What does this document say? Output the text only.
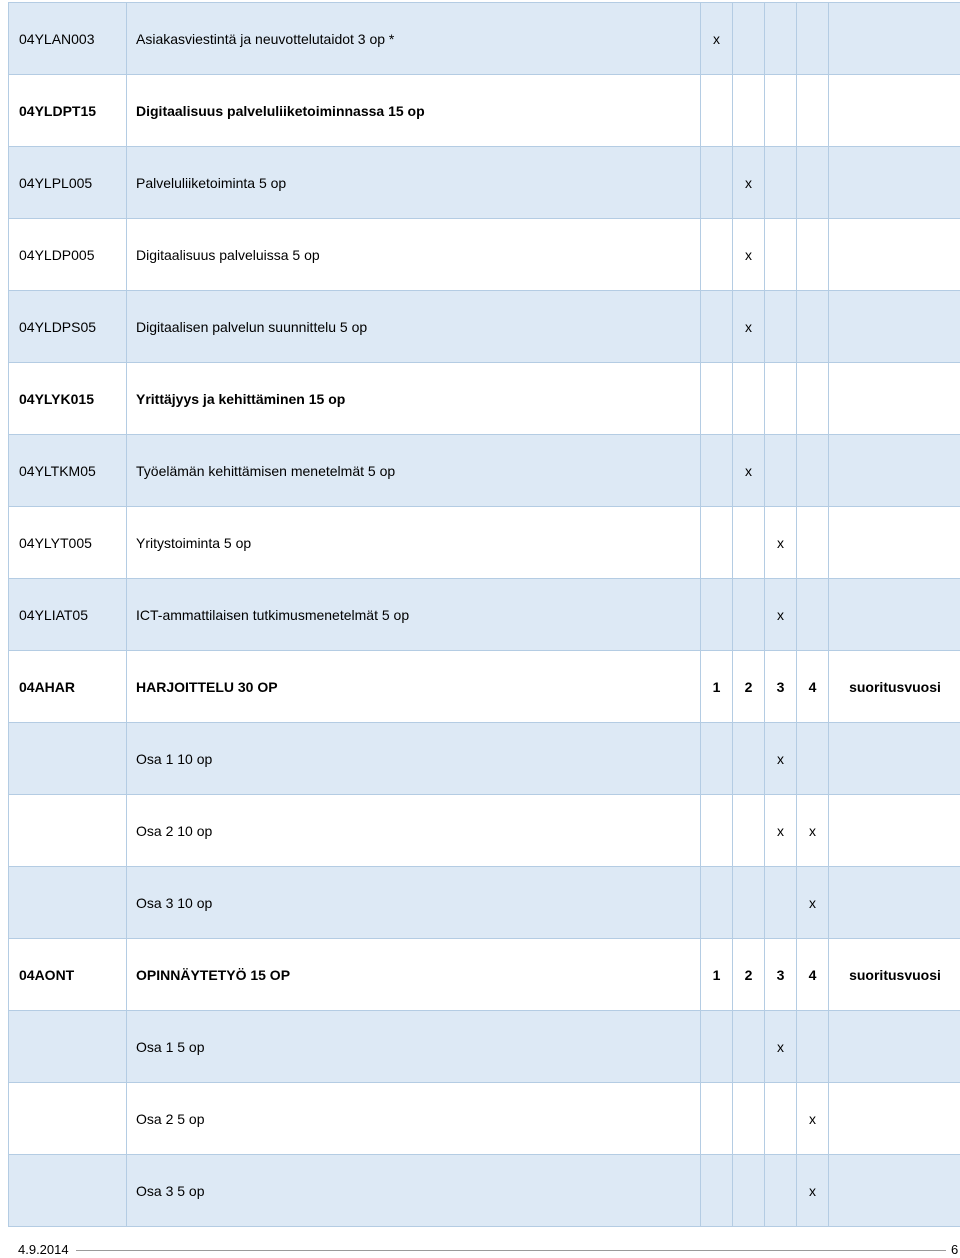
04YLAN003	Asiakasviestintä ja neuvottelutaidot 3 op *	x				
04YLDPT15	Digitaalisuus palveluliiketoiminnassa 15 op					
04YLPL005	Palveluliiketoiminta 5 op		x			
04YLDP005	Digitaalisuus palveluissa 5 op		x			
04YLDPS05	Digitaalisen palvelun suunnittelu 5 op		x			
04YLYK015	Yrittäjyys ja kehittäminen 15 op					
04YLTKM05	Työelämän kehittämisen menetelmät 5 op		x			
04YLYT005	Yritystoiminta 5 op			x		
04YLIAT05	ICT-ammattilaisen tutkimusmenetelmät 5 op			x		
04AHAR	HARJOITTELU 30 OP	1	2	3	4	suoritusvuosi
	Osa 1 10 op			x		
	Osa 2 10 op			x	x	
	Osa 3 10 op				x	
04AONT	OPINNÄYTETYÖ 15 OP	1	2	3	4	suoritusvuosi
	Osa 1 5 op			x		
	Osa 2 5 op				x	
	Osa 3 5 op				x	
4.9.2014	6
